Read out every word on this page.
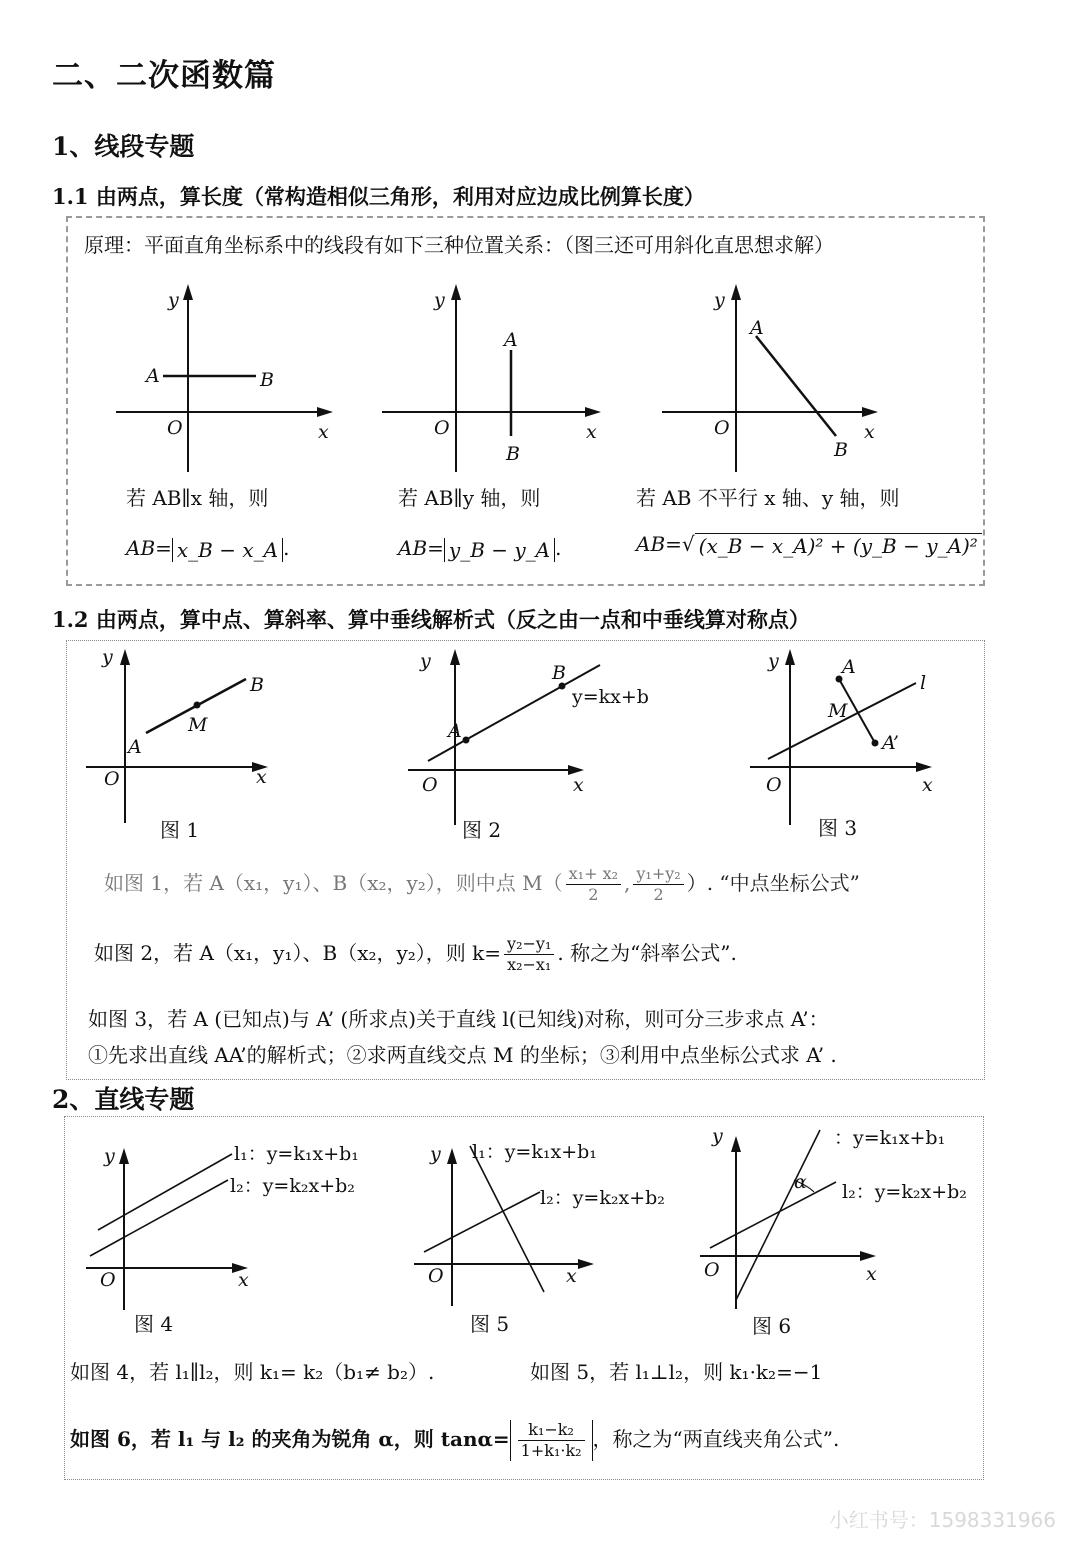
二、二次函数篇
1、线段专题
1.1 由两点，算长度（常构造相似三角形，利用对应边成比例算长度）
原理：平面直角坐标系中的线段有如下三种位置关系：（图三还可用斜化直思想求解）
y
x
O
A	B
y
x
O
A
B
y
x
O
A
B
若 AB∥x 轴，则	若 AB∥y 轴，则	若 AB 不平行 x 轴、y 轴，则
AB= x_B − x_A .	AB= y_B − y_A .	AB=√ (x_B − x_A)² + (y_B − y_A)²
1.2 由两点，算中点、算斜率、算中垂线解析式（反之由一点和中垂线算对称点）
y
x
O
A
M
B
y
x
O
A
B
y=kx+b
y
x
O
A
M
A’
l
图 1	图 2	图 3
如图 1，若 A（x₁，y₁）、B（x₂，y₂），则中点 $M( \frac{\text{x₁+ x₂}}{2}$ , $\frac{\text{y₁+y₂}}{2}$ ）. “中点坐标公式”
如图 2，若 A（x₁，y₁）、B（x₂，y₂），则 $k= \frac{\text{y₂−y₁}}{\text{x₂−x₁}}$ . 称之为“斜率公式”.
如图 3，若 A (已知点)与 A’ (所求点)关于直线 l(已知线)对称，则可分三步求点 A’：
①先求出直线 AA’的解析式；②求两直线交点 M 的坐标；③利用中点坐标公式求 A’ .
2、直线专题
y
x
O
l₁：y=k₁x+b₁
l₂：y=k₂x+b₂
y
x
O
l₁：y=k₁x+b₁
l₂：y=k₂x+b₂
y
x
O
α
：y=k₁x+b₁
l₂：y=k₂x+b₂
图 4	图 5	图 6
如图 4，若 l₁∥l₂，则 k₁= k₂（b₁≠ b₂）.	如图 5，若 l₁⊥l₂，则 k₁·k₂=−1
如图 6，若 l₁ 与 l₂ 的夹角为锐角 α，则 $\tan\alpha= \frac{\text{k₁−k₂}}{\text{1+k₁·k₂}}$ ，称之为“两直线夹角公式”.
小红书号：1598331966
